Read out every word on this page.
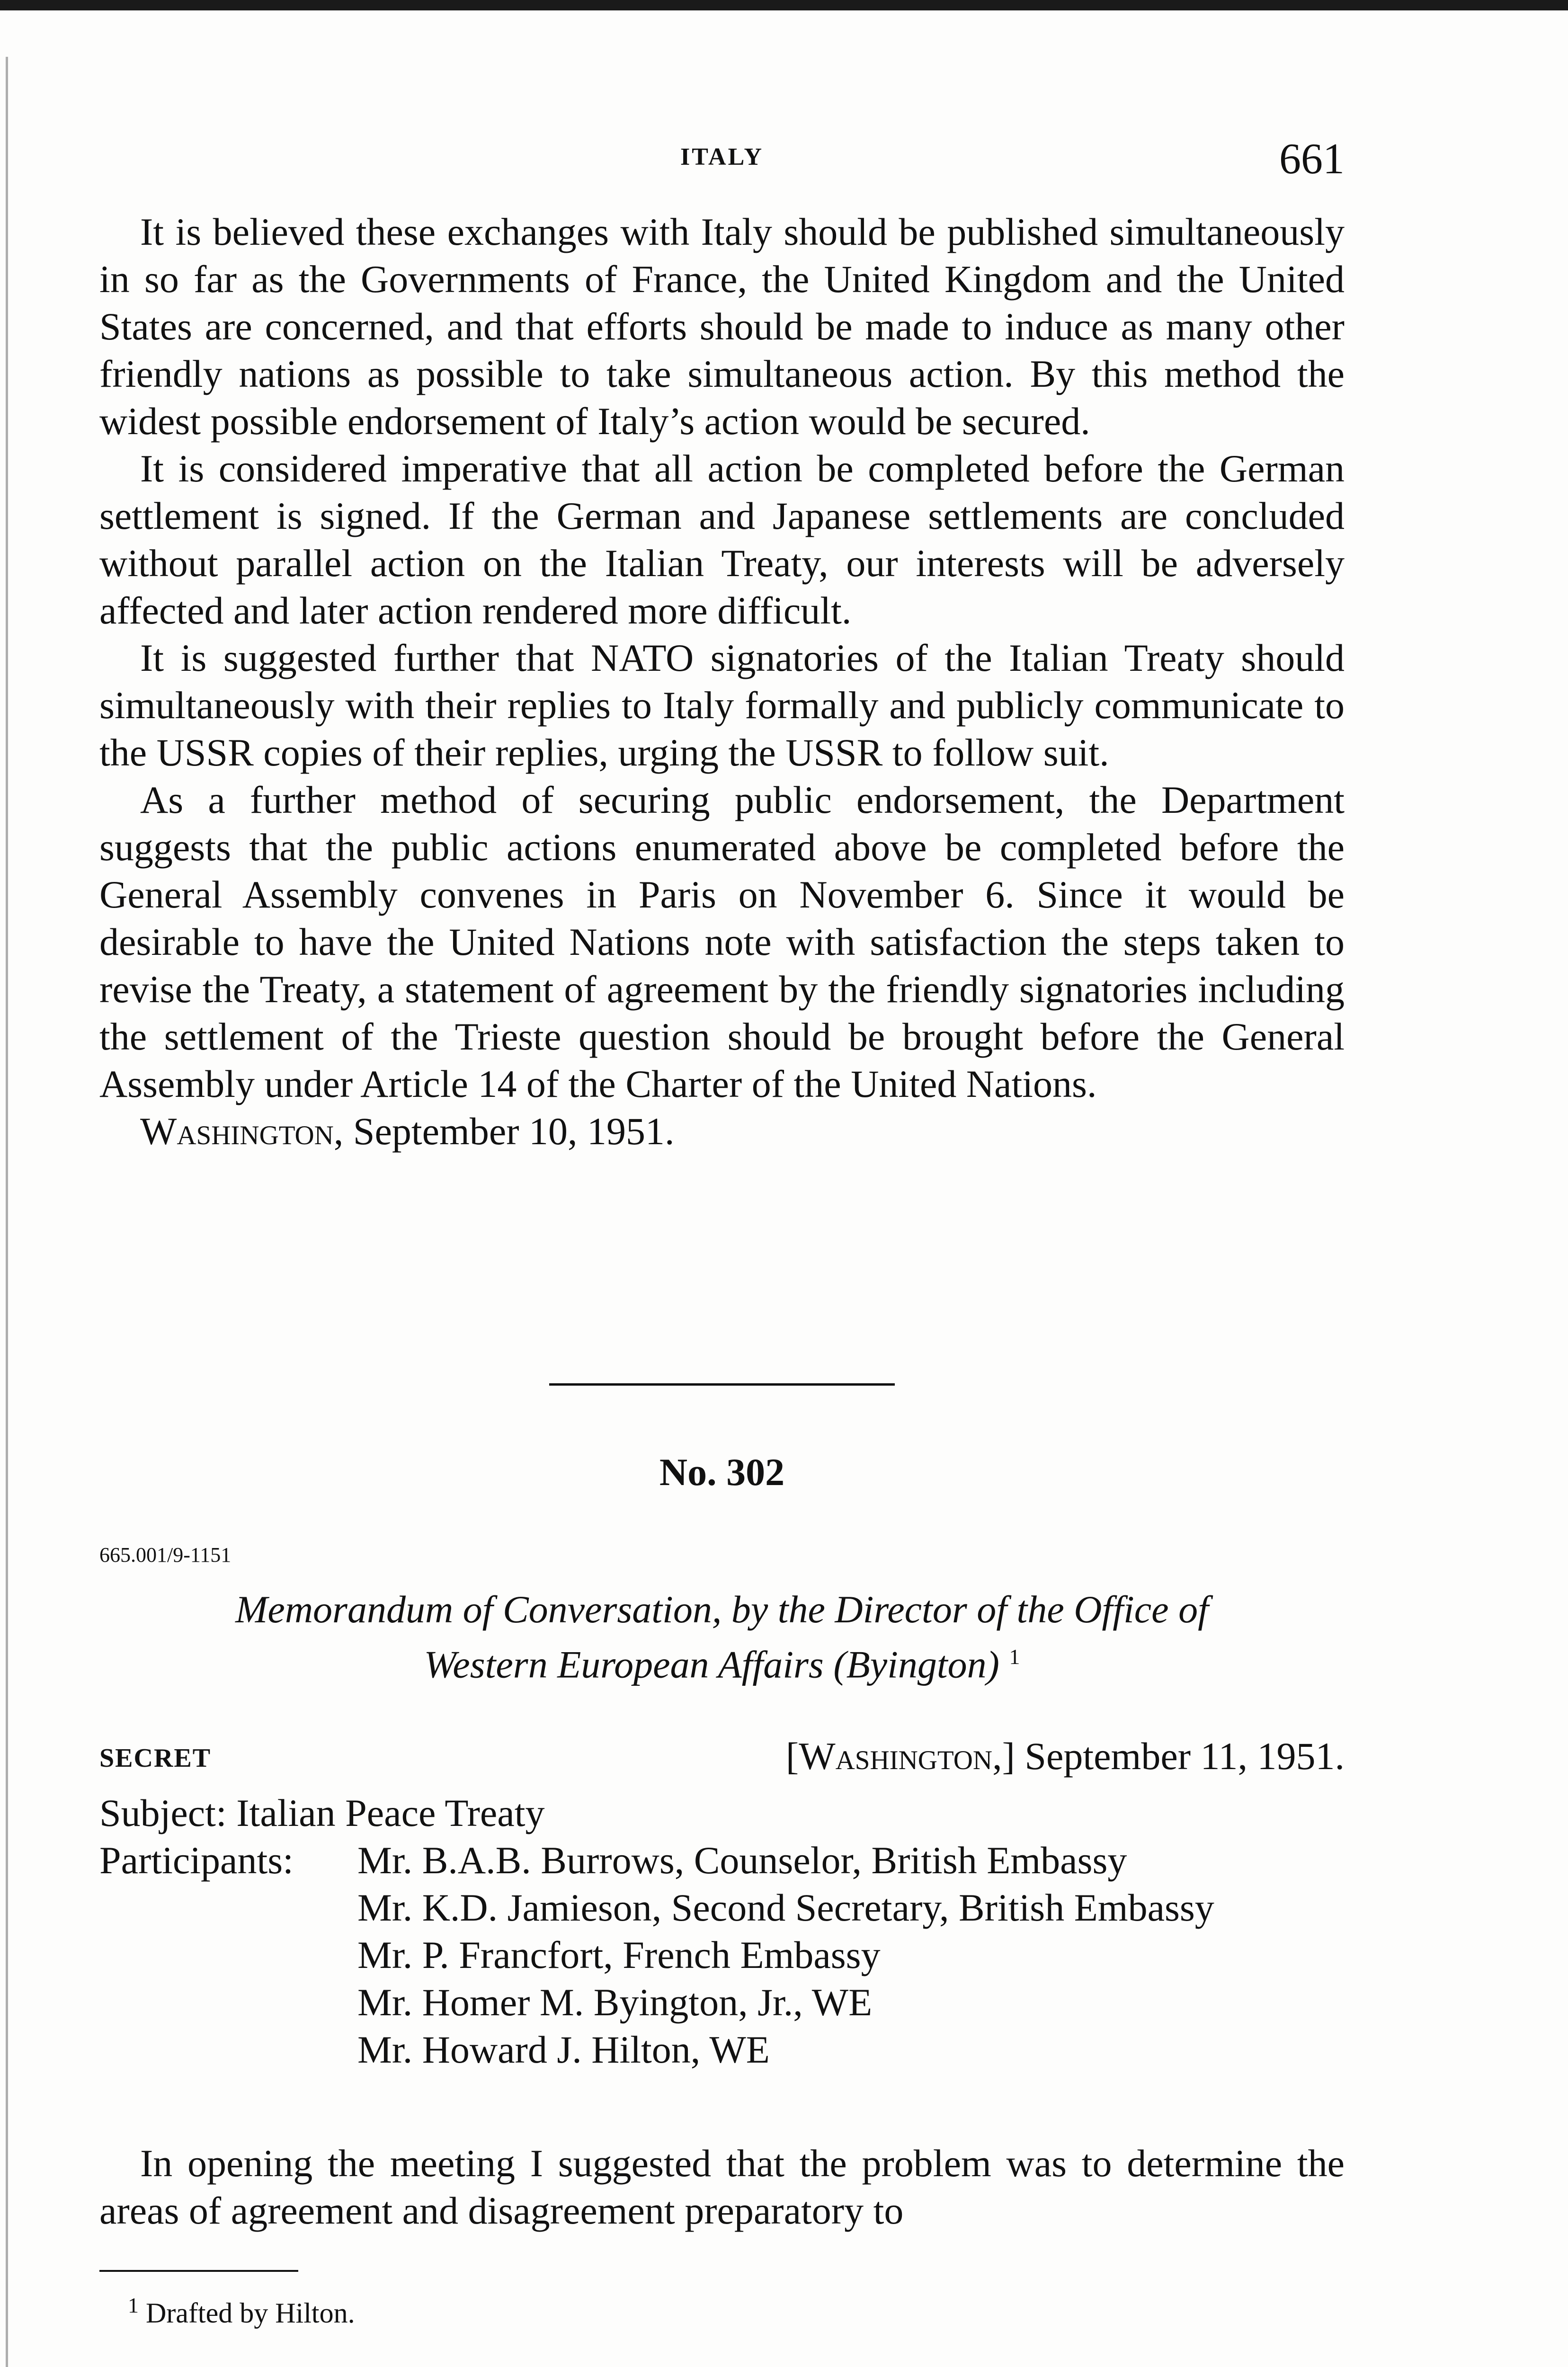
ITALY	661

It is believed these exchanges with Italy should be published simultaneously in so far as the Governments of France, the United Kingdom and the United States are concerned, and that efforts should be made to induce as many other friendly nations as possible to take simultaneous action. By this method the widest possible endorsement of Italy’s action would be secured.

It is considered imperative that all action be completed before the German settlement is signed. If the German and Japanese settlements are concluded without parallel action on the Italian Treaty, our interests will be adversely affected and later action rendered more difficult.

It is suggested further that NATO signatories of the Italian Treaty should simultaneously with their replies to Italy formally and publicly communicate to the USSR copies of their replies, urging the USSR to follow suit.

As a further method of securing public endorsement, the Department suggests that the public actions enumerated above be completed before the General Assembly convenes in Paris on November 6. Since it would be desirable to have the United Nations note with satisfaction the steps taken to revise the Treaty, a statement of agreement by the friendly signatories including the settlement of the Trieste question should be brought before the General Assembly under Article 14 of the Charter of the United Nations.

Washington, September 10, 1951.

No. 302
665.001/9-1151
Memorandum of Conversation, by the Director of the Office of
Western European Affairs (Byington) $^1$
SECRET	[Washington,] September 11, 1951.
Subject: Italian Peace Treaty
Participants: Mr. B.A.B. Burrows, Counselor, British Embassy
Mr. K.D. Jamieson, Second Secretary, British Embassy
Mr. P. Francfort, French Embassy
Mr. Homer M. Byington, Jr., WE
Mr. Howard J. Hilton, WE

In opening the meeting I suggested that the problem was to determine the areas of agreement and disagreement preparatory to

$^1$ Drafted by Hilton.
